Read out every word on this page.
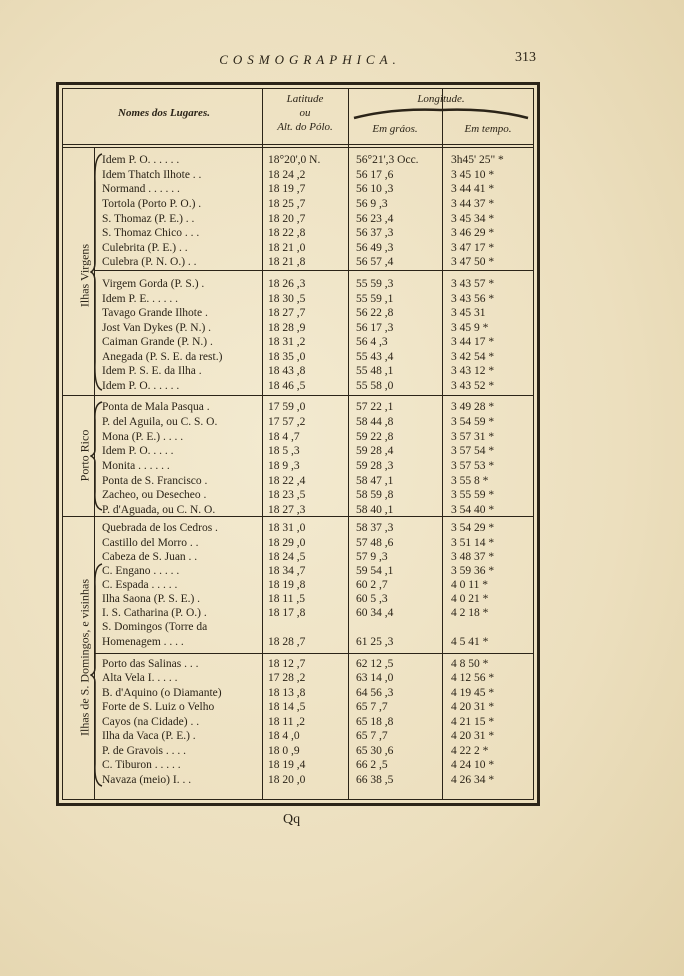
COSMOGRAPHICA.	313
Nomes dos Lugares.
Latitude
ou
Alt. do Pólo.
Longitude.
Em gráos.	Em tempo.
Ilhas Virgens
Porto Rico
Ilhas de S. Domingos, e visinhas
Idem P. O. . . . . .	18°20',0 N.	56°21',3 Occ.	3h45' 25" *
Idem Thatch Ilhote . .	18 24 ,2	56 17 ,6	3 45 10 *
Normand . . . . . .	18 19 ,7	56 10 ,3	3 44 41 *
Tortola (Porto P. O.) .	18 25 ,7	56 9 ,3	3 44 37 *
S. Thomaz (P. E.) . .	18 20 ,7	56 23 ,4	3 45 34 *
S. Thomaz Chico . . .	18 22 ,8	56 37 ,3	3 46 29 *
Culebrita (P. E.) . .	18 21 ,0	56 49 ,3	3 47 17 *
Culebra (P. N. O.) . .	18 21 ,8	56 57 ,4	3 47 50 *
Virgem Gorda (P. S.) .	18 26 ,3	55 59 ,3	3 43 57 *
Idem P. E. . . . . .	18 30 ,5	55 59 ,1	3 43 56 *
Tavago Grande Ilhote .	18 27 ,7	56 22 ,8	3 45 31
Jost Van Dykes (P. N.) .	18 28 ,9	56 17 ,3	3 45 9 *
Caiman Grande (P. N.) .	18 31 ,2	56 4 ,3	3 44 17 *
Anegada (P. S. E. da rest.)	18 35 ,0	55 43 ,4	3 42 54 *
Idem P. S. E. da Ilha .	18 43 ,8	55 48 ,1	3 43 12 *
Idem P. O. . . . . .	18 46 ,5	55 58 ,0	3 43 52 *
Ponta de Mala Pasqua .	17 59 ,0	57 22 ,1	3 49 28 *
P. del Aguila, ou C. S. O.	17 57 ,2	58 44 ,8	3 54 59 *
Mona (P. E.) . . . .	18 4 ,7	59 22 ,8	3 57 31 *
Idem P. O. . . . .	18 5 ,3	59 28 ,4	3 57 54 *
Monita . . . . . .	18 9 ,3	59 28 ,3	3 57 53 *
Ponta de S. Francisco .	18 22 ,4	58 47 ,1	3 55 8 *
Zacheo, ou Desecheo .	18 23 ,5	58 59 ,8	3 55 59 *
P. d'Aguada, ou C. N. O.	18 27 ,3	58 40 ,1	3 54 40 *
Quebrada de los Cedros .	18 31 ,0	58 37 ,3	3 54 29 *
Castillo del Morro . .	18 29 ,0	57 48 ,6	3 51 14 *
Cabeza de S. Juan . .	18 24 ,5	57 9 ,3	3 48 37 *
C. Engano . . . . .	18 34 ,7	59 54 ,1	3 59 36 *
C. Espada . . . . .	18 19 ,8	60 2 ,7	4 0 11 *
Ilha Saona (P. S. E.) .	18 11 ,5	60 5 ,3	4 0 21 *
I. S. Catharina (P. O.) .	18 17 ,8	60 34 ,4	4 2 18 *
S. Domingos (Torre da
Homenagem . . . .	18 28 ,7	61 25 ,3	4 5 41 *
Porto das Salinas . . .	18 12 ,7	62 12 ,5	4 8 50 *
Alta Vela I. . . . .	17 28 ,2	63 14 ,0	4 12 56 *
B. d'Aquino (o Diamante)	18 13 ,8	64 56 ,3	4 19 45 *
Forte de S. Luiz o Velho	18 14 ,5	65 7 ,7	4 20 31 *
Cayos (na Cidade) . .	18 11 ,2	65 18 ,8	4 21 15 *
Ilha da Vaca (P. E.) .	18 4 ,0	65 7 ,7	4 20 31 *
P. de Gravois . . . .	18 0 ,9	65 30 ,6	4 22 2 *
C. Tiburon . . . . .	18 19 ,4	66 2 ,5	4 24 10 *
Navaza (meio) I. . .	18 20 ,0	66 38 ,5	4 26 34 *
Qq
